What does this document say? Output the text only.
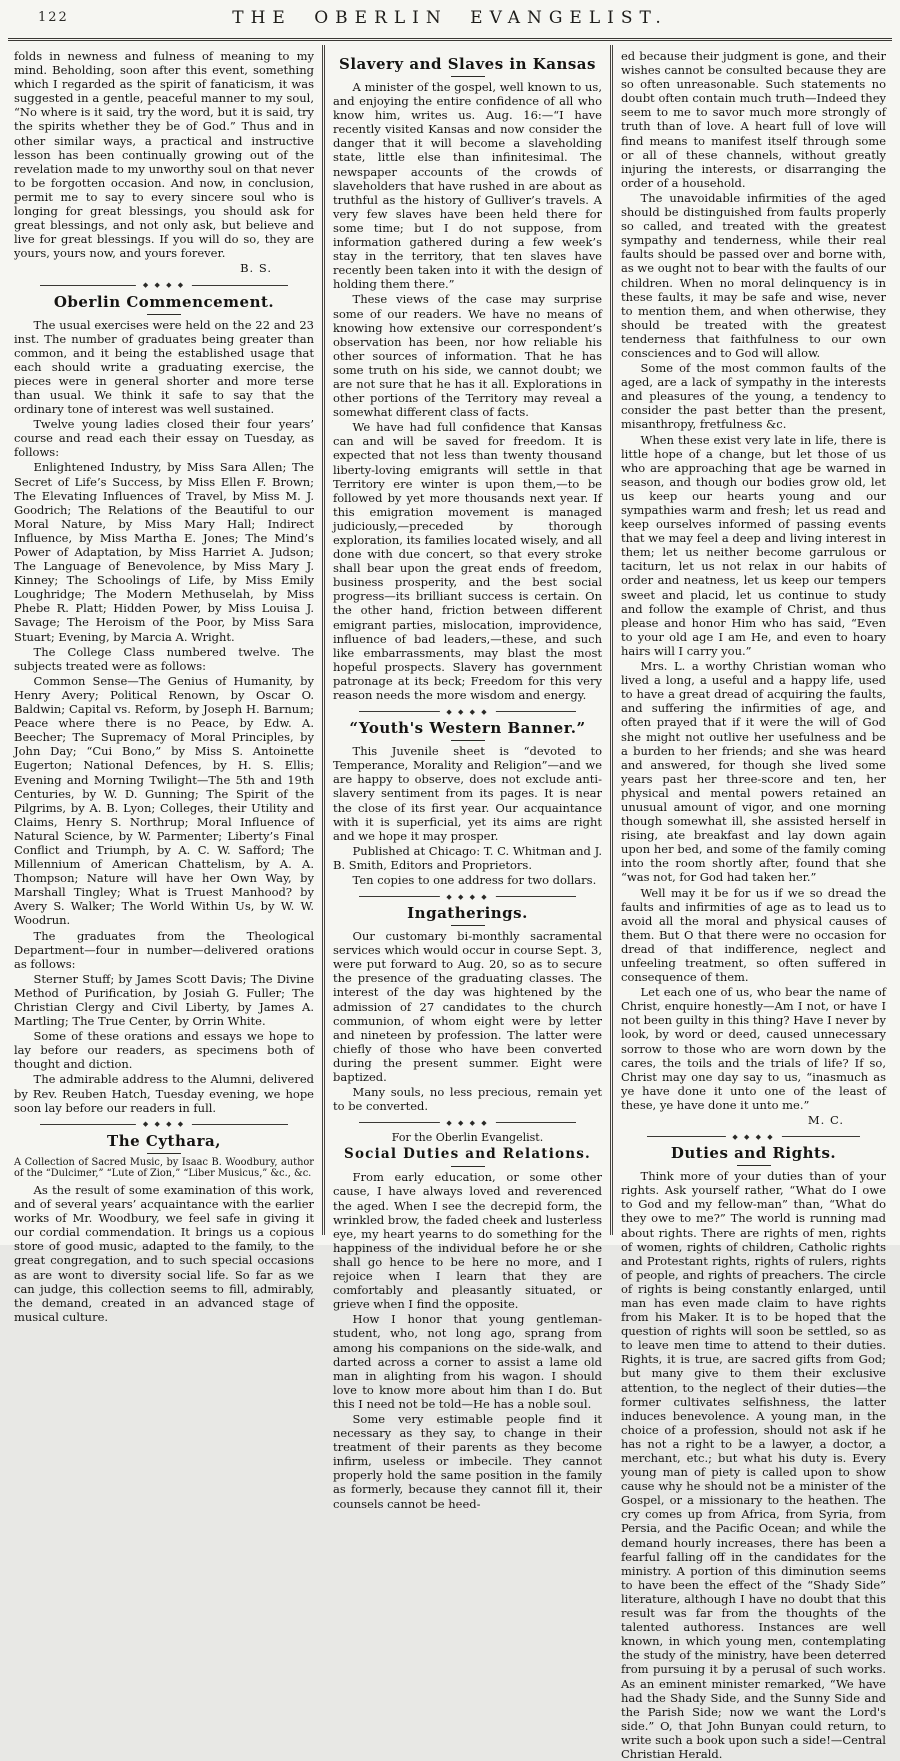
122	THE OBERLIN EVANGELIST.
folds in newness and fulness of meaning to my mind. Beholding, soon after this event, something which I regarded as the spirit of fanaticism, it was suggested in a gentle, peaceful manner to my soul, “No where is it said, try the word, but it is said, try the spirits whether they be of God.” Thus and in other similar ways, a practical and instructive lesson has been continually growing out of the revelation made to my unworthy soul on that never to be forgotten occasion. And now, in conclusion, permit me to say to every sincere soul who is longing for great blessings, you should ask for great blessings, and not only ask, but believe and live for great blessings. If you will do so, they are yours, yours now, and yours forever.
B. S.
◆ ◆ ◆ ◆
Oberlin Commencement.
The usual exercises were held on the 22 and 23 inst. The number of graduates being greater than common, and it being the established usage that each should write a graduating exercise, the pieces were in general shorter and more terse than usual. We think it safe to say that the ordinary tone of interest was well sustained.
Twelve young ladies closed their four years’ course and read each their essay on Tuesday, as follows:
Enlightened Industry, by Miss Sara Allen; The Secret of Life’s Success, by Miss Ellen F. Brown; The Elevating Influences of Travel, by Miss M. J. Goodrich; The Relations of the Beautiful to our Moral Nature, by Miss Mary Hall; Indirect Influence, by Miss Martha E. Jones; The Mind’s Power of Adaptation, by Miss Harriet A. Judson; The Language of Benevolence, by Miss Mary J. Kinney; The Schoolings of Life, by Miss Emily Loughridge; The Modern Methuselah, by Miss Phebe R. Platt; Hidden Power, by Miss Louisa J. Savage; The Heroism of the Poor, by Miss Sara Stuart; Evening, by Marcia A. Wright.
The College Class numbered twelve. The subjects treated were as follows:
Common Sense—The Genius of Humanity, by Henry Avery; Political Renown, by Oscar O. Baldwin; Capital vs. Reform, by Joseph H. Barnum; Peace where there is no Peace, by Edw. A. Beecher; The Supremacy of Moral Principles, by John Day; “Cui Bono,” by Miss S. Antoinette Eugerton; National Defences, by H. S. Ellis; Evening and Morning Twilight—The 5th and 19th Centuries, by W. D. Gunning; The Spirit of the Pilgrims, by A. B. Lyon; Colleges, their Utility and Claims, Henry S. Northrup; Moral Influence of Natural Science, by W. Parmenter; Liberty’s Final Conflict and Triumph, by A. C. W. Safford; The Millennium of American Chattelism, by A. A. Thompson; Nature will have her Own Way, by Marshall Tingley; What is Truest Manhood? by Avery S. Walker; The World Within Us, by W. W. Woodrun.
The graduates from the Theological Department—four in number—delivered orations as follows:
Sterner Stuff; by James Scott Davis; The Divine Method of Purification, by Josiah G. Fuller; The Christian Clergy and Civil Liberty, by James A. Martling; The True Center, by Orrin White.
Some of these orations and essays we hope to lay before our readers, as specimens both of thought and diction.
The admirable address to the Alumni, delivered by Rev. Reuben Hatch, Tuesday evening, we hope soon lay before our readers in full.
◆ ◆ ◆ ◆
The Cythara,
A Collection of Sacred Music, by Isaac B. Woodbury, author of the “Dulcimer,” “Lute of Zion,” “Liber Musicus,” &c., &c.
As the result of some examination of this work, and of several years’ acquaintance with the earlier works of Mr. Woodbury, we feel safe in giving it our cordial commendation. It brings us a copious store of good music, adapted to the family, to the great congregation, and to such special occasions as are wont to diversity social life. So far as we can judge, this collection seems to fill, admirably, the demand, created in an advanced stage of musical culture.
Slavery and Slaves in Kansas
A minister of the gospel, well known to us, and enjoying the entire confidence of all who know him, writes us. Aug. 16:—“I have recently visited Kansas and now consider the danger that it will become a slaveholding state, little else than infinitesimal. The newspaper accounts of the crowds of slaveholders that have rushed in are about as truthful as the history of Gulliver’s travels. A very few slaves have been held there for some time; but I do not suppose, from information gathered during a few week’s stay in the territory, that ten slaves have recently been taken into it with the design of holding them there.”
These views of the case may surprise some of our readers. We have no means of knowing how extensive our correspondent’s observation has been, nor how reliable his other sources of information. That he has some truth on his side, we cannot doubt; we are not sure that he has it all. Explorations in other portions of the Territory may reveal a somewhat different class of facts.
We have had full confidence that Kansas can and will be saved for freedom. It is expected that not less than twenty thousand liberty-loving emigrants will settle in that Territory ere winter is upon them,—to be followed by yet more thousands next year. If this emigration movement is managed judiciously,—preceded by thorough exploration, its families located wisely, and all done with due concert, so that every stroke shall bear upon the great ends of freedom, business prosperity, and the best social progress—its brilliant success is certain. On the other hand, friction between different emigrant parties, mislocation, improvidence, influence of bad leaders,—these, and such like embarrassments, may blast the most hopeful prospects. Slavery has government patronage at its beck; Freedom for this very reason needs the more wisdom and energy.
◆ ◆ ◆ ◆
“Youth's Western Banner.”
This Juvenile sheet is “devoted to Temperance, Morality and Religion”—and we are happy to observe, does not exclude anti-slavery sentiment from its pages. It is near the close of its first year. Our acquaintance with it is superficial, yet its aims are right and we hope it may prosper.
Published at Chicago: T. C. Whitman and J. B. Smith, Editors and Proprietors.
Ten copies to one address for two dollars.
◆ ◆ ◆ ◆
Ingatherings.
Our customary bi-monthly sacramental services which would occur in course Sept. 3, were put forward to Aug. 20, so as to secure the presence of the graduating classes. The interest of the day was hightened by the admission of 27 candidates to the church communion, of whom eight were by letter and nineteen by profession. The latter were chiefly of those who have been converted during the present summer. Eight were baptized.
Many souls, no less precious, remain yet to be converted.
◆ ◆ ◆ ◆
For the Oberlin Evangelist.
Social Duties and Relations.
From early education, or some other cause, I have always loved and reverenced the aged. When I see the decrepid form, the wrinkled brow, the faded cheek and lusterless eye, my heart yearns to do something for the happiness of the individual before he or she shall go hence to be here no more, and I rejoice when I learn that they are comfortably and pleasantly situated, or grieve when I find the opposite.
How I honor that young gentleman-student, who, not long ago, sprang from among his companions on the side-walk, and darted across a corner to assist a lame old man in alighting from his wagon. I should love to know more about him than I do. But this I need not be told—He has a noble soul.
Some very estimable people find it necessary as they say, to change in their treatment of their parents as they become infirm, useless or imbecile. They cannot properly hold the same position in the family as formerly, because they cannot fill it, their counsels cannot be heed-
ed because their judgment is gone, and their wishes cannot be consulted because they are so often unreasonable. Such statements no doubt often contain much truth—Indeed they seem to me to savor much more strongly of truth than of love. A heart full of love will find means to manifest itself through some or all of these channels, without greatly injuring the interests, or disarranging the order of a household.
The unavoidable infirmities of the aged should be distinguished from faults properly so called, and treated with the greatest sympathy and tenderness, while their real faults should be passed over and borne with, as we ought not to bear with the faults of our children. When no moral delinquency is in these faults, it may be safe and wise, never to mention them, and when otherwise, they should be treated with the greatest tenderness that faithfulness to our own consciences and to God will allow.
Some of the most common faults of the aged, are a lack of sympathy in the interests and pleasures of the young, a tendency to consider the past better than the present, misanthropy, fretfulness &c.
When these exist very late in life, there is little hope of a change, but let those of us who are approaching that age be warned in season, and though our bodies grow old, let us keep our hearts young and our sympathies warm and fresh; let us read and keep ourselves informed of passing events that we may feel a deep and living interest in them; let us neither become garrulous or taciturn, let us not relax in our habits of order and neatness, let us keep our tempers sweet and placid, let us continue to study and follow the example of Christ, and thus please and honor Him who has said, “Even to your old age I am He, and even to hoary hairs will I carry you.”
Mrs. L. a worthy Christian woman who lived a long, a useful and a happy life, used to have a great dread of acquiring the faults, and suffering the infirmities of age, and often prayed that if it were the will of God she might not outlive her usefulness and be a burden to her friends; and she was heard and answered, for though she lived some years past her three-score and ten, her physical and mental powers retained an unusual amount of vigor, and one morning though somewhat ill, she assisted herself in rising, ate breakfast and lay down again upon her bed, and some of the family coming into the room shortly after, found that she “was not, for God had taken her.”
Well may it be for us if we so dread the faults and infirmities of age as to lead us to avoid all the moral and physical causes of them. But O that there were no occasion for dread of that indifference, neglect and unfeeling treatment, so often suffered in consequence of them.
Let each one of us, who bear the name of Christ, enquire honestly—Am I not, or have I not been guilty in this thing? Have I never by look, by word or deed, caused unnecessary sorrow to those who are worn down by the cares, the toils and the trials of life? If so, Christ may one day say to us, “inasmuch as ye have done it unto one of the least of these, ye have done it unto me.”
M. C.
◆ ◆ ◆ ◆
Duties and Rights.
Think more of your duties than of your rights. Ask yourself rather, “What do I owe to God and my fellow-man” than, “What do they owe to me?” The world is running mad about rights. There are rights of men, rights of women, rights of children, Catholic rights and Protestant rights, rights of rulers, rights of people, and rights of preachers. The circle of rights is being constantly enlarged, until man has even made claim to have rights from his Maker. It is to be hoped that the question of rights will soon be settled, so as to leave men time to attend to their duties. Rights, it is true, are sacred gifts from God; but many give to them their exclusive attention, to the neglect of their duties—the former cultivates selfishness, the latter induces benevolence. A young man, in the choice of a profession, should not ask if he has not a right to be a lawyer, a doctor, a merchant, etc.; but what his duty is. Every young man of piety is called upon to show cause why he should not be a minister of the Gospel, or a missionary to the heathen. The cry comes up from Africa, from Syria, from Persia, and the Pacific Ocean; and while the demand hourly increases, there has been a fearful falling off in the candidates for the ministry. A portion of this diminution seems to have been the effect of the “Shady Side” literature, although I have no doubt that this result was far from the thoughts of the talented authoress. Instances are well known, in which young men, contemplating the study of the ministry, have been deterred from pursuing it by a perusal of such works. As an eminent minister remarked, “We have had the Shady Side, and the Sunny Side and the Parish Side; now we want the Lord's side.” O, that John Bunyan could return, to write such a book upon such a side!—Central Christian Herald.
